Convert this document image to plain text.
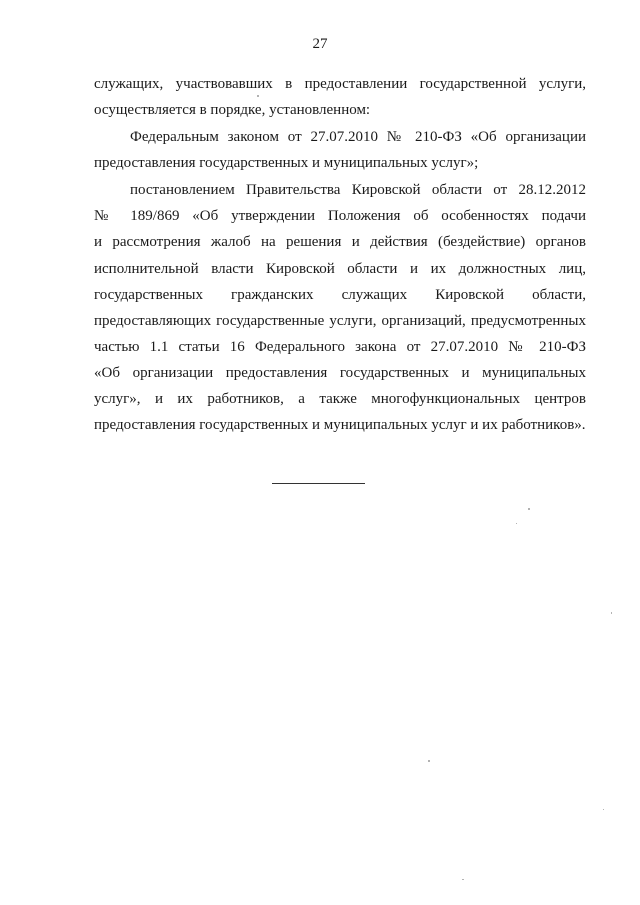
27
служащих, участвовавших в предоставлении государственной услуги,
осуществляется в порядке, установленном:
Федеральным законом от 27.07.2010 № 210-ФЗ «Об организации
предоставления государственных и муниципальных услуг»;
постановлением Правительства Кировской области от 28.12.2012
№ 189/869 «Об утверждении Положения об особенностях подачи
и рассмотрения жалоб на решения и действия (бездействие) органов
исполнительной власти Кировской области и их должностных лиц,
государственных гражданских служащих Кировской области,
предоставляющих государственные услуги, организаций, предусмотренных
частью 1.1 статьи 16 Федерального закона от 27.07.2010 № 210-ФЗ
«Об организации предоставления государственных и муниципальных
услуг», и их работников, а также многофункциональных центров
предоставления государственных и муниципальных услуг и их работников».
